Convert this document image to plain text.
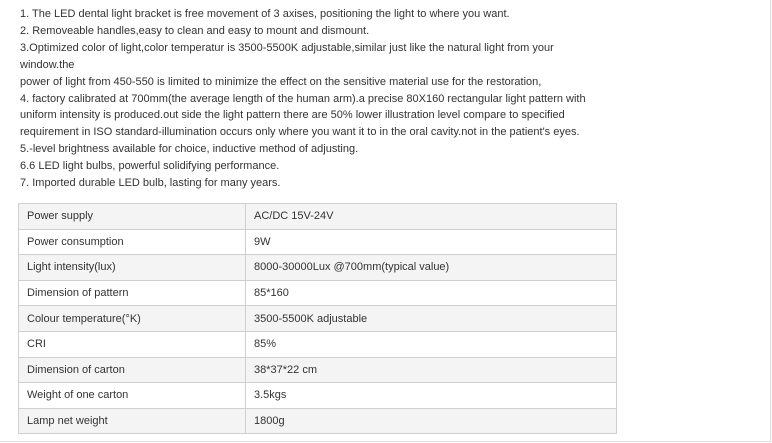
1. The LED dental light bracket is free movement of 3 axises, positioning the light to where you want.
2. Removeable handles,easy to clean and easy to mount and dismount.
3.Optimized color of light,color temperatur is 3500-5500K adjustable,similar just like the natural light from your
window.the
power of light from 450-550 is limited to minimize the effect on the sensitive material use for the restoration,
4. factory calibrated at 700mm(the average length of the human arm).a precise 80X160 rectangular light pattern with
uniform intensity is produced.out side the light pattern there are 50% lower illustration level compare to specified
requirement in ISO standard-illumination occurs only where you want it to in the oral cavity.not in the patient's eyes.
5.-level brightness available for choice, inductive method of adjusting.
6.6 LED light bulbs, powerful solidifying performance.
7. Imported durable LED bulb, lasting for many years.
Power supply	AC/DC 15V-24V
Power consumption	9W
Light intensity(lux)	8000-30000Lux @700mm(typical value)
Dimension of pattern	85*160
Colour temperature(°K)	3500-5500K adjustable
CRI	85%
Dimension of carton	38*37*22 cm
Weight of one carton	3.5kgs
Lamp net weight	1800g
